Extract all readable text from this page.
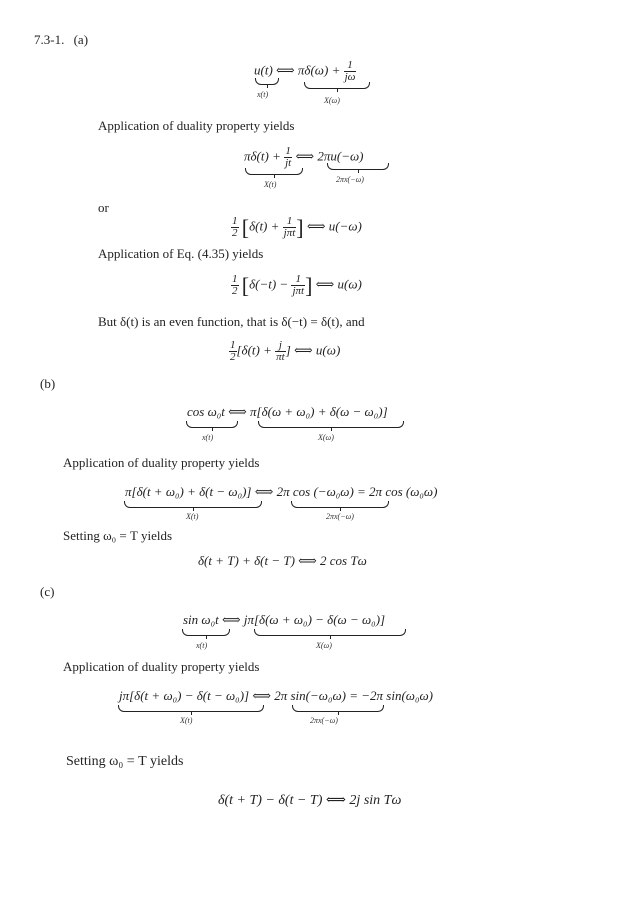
7.3-1. (a)
u(t) ⟺ $\pi\delta(\omega) + \frac{1}{j\omega}$
x(t)
X(ω)
Application of duality property yields
$\pi\delta(t) + \frac{1}{jt}$ ⟺ 2πu(−ω)
X(t)
2πx(−ω)
or
$\frac{1}{2} [\delta(t) + \frac{1}{\text{jπt}}$ ] ⟺ u(−ω)
Application of Eq. (4.35) yields
$\frac{1}{2} [\delta(-t) - \frac{1}{\text{jπt}}$ ] ⟺ u(ω)
But δ(t) is an even function, that is δ(−t) = δ(t), and
$\frac{1}{2} [\delta(t) + \frac{j}{\pi t}$ ] ⟺ u(ω)
(b)
cos ω₀t ⟺ π[δ(ω + ω₀) + δ(ω − ω₀)]
x(t)	X(ω)
Application of duality property yields
π[δ(t + ω₀) + δ(t − ω₀)] ⟺ 2π cos (−ω₀ω) = 2π cos (ω₀ω)
X(t)	2πx(−ω)
Setting ω₀ = T yields
δ(t + T) + δ(t − T) ⟺ 2 cos Tω
(c)
sin ω₀t ⟺ jπ[δ(ω + ω₀) − δ(ω − ω₀)]
x(t)	X(ω)
Application of duality property yields
jπ[δ(t + ω₀) − δ(t − ω₀)] ⟺ 2π sin(−ω₀ω) = −2π sin(ω₀ω)
X(t)	2πx(−ω)
Setting ω₀ = T yields
δ(t + T) − δ(t − T) ⟺ 2j sin Tω
